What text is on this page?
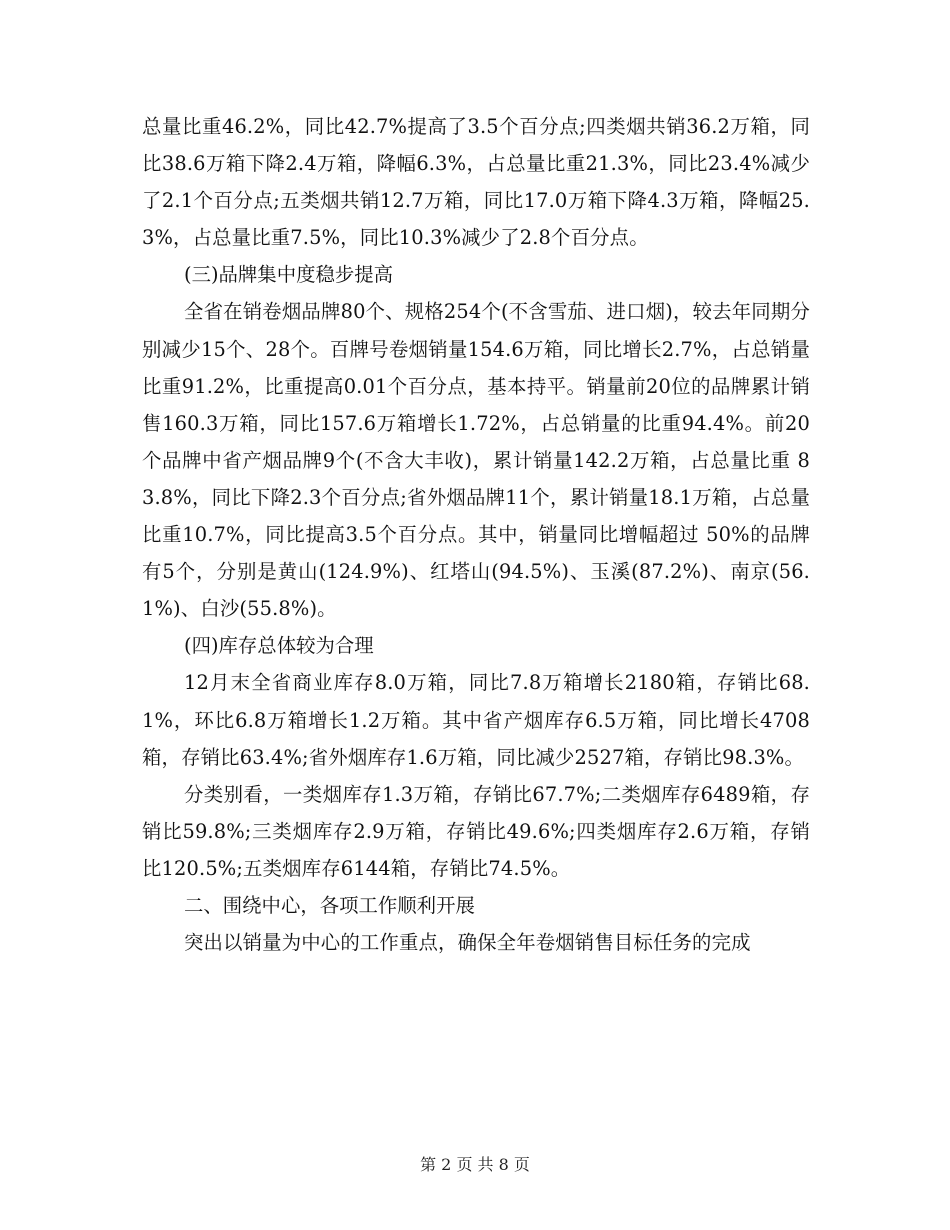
总量比重46.2%，同比42.7%提高了3.5个百分点;四类烟共销36.2万箱，同比38.6万箱下降2.4万箱，降幅6.3%，占总量比重21.3%，同比23.4%减少了2.1个百分点;五类烟共销12.7万箱，同比17.0万箱下降4.3万箱，降幅25.3%，占总量比重7.5%，同比10.3%减少了2.8个百分点。

(三)品牌集中度稳步提高

全省在销卷烟品牌80个、规格254个(不含雪茄、进口烟)，较去年同期分别减少15个、28个。百牌号卷烟销量154.6万箱，同比增长2.7%，占总销量比重91.2%，比重提高0.01个百分点，基本持平。销量前20位的品牌累计销售160.3万箱，同比157.6万箱增长1.72%，占总销量的比重94.4%。前20个品牌中省产烟品牌9个(不含大丰收)，累计销量142.2万箱，占总量比重 83.8%，同比下降2.3个百分点;省外烟品牌11个，累计销量18.1万箱，占总量比重10.7%，同比提高3.5个百分点。其中，销量同比增幅超过 50%的品牌有5个，分别是黄山(124.9%)、红塔山(94.5%)、玉溪(87.2%)、南京(56.1%)、白沙(55.8%)。

(四)库存总体较为合理

12月末全省商业库存8.0万箱，同比7.8万箱增长2180箱，存销比68.1%，环比6.8万箱增长1.2万箱。其中省产烟库存6.5万箱，同比增长4708箱，存销比63.4%;省外烟库存1.6万箱，同比减少2527箱，存销比98.3%。

分类别看，一类烟库存1.3万箱，存销比67.7%;二类烟库存6489箱，存销比59.8%;三类烟库存2.9万箱，存销比49.6%;四类烟库存2.6万箱，存销比120.5%;五类烟库存6144箱，存销比74.5%。

二、围绕中心，各项工作顺利开展

突出以销量为中心的工作重点，确保全年卷烟销售目标任务的完成

第 2 页 共 8 页
